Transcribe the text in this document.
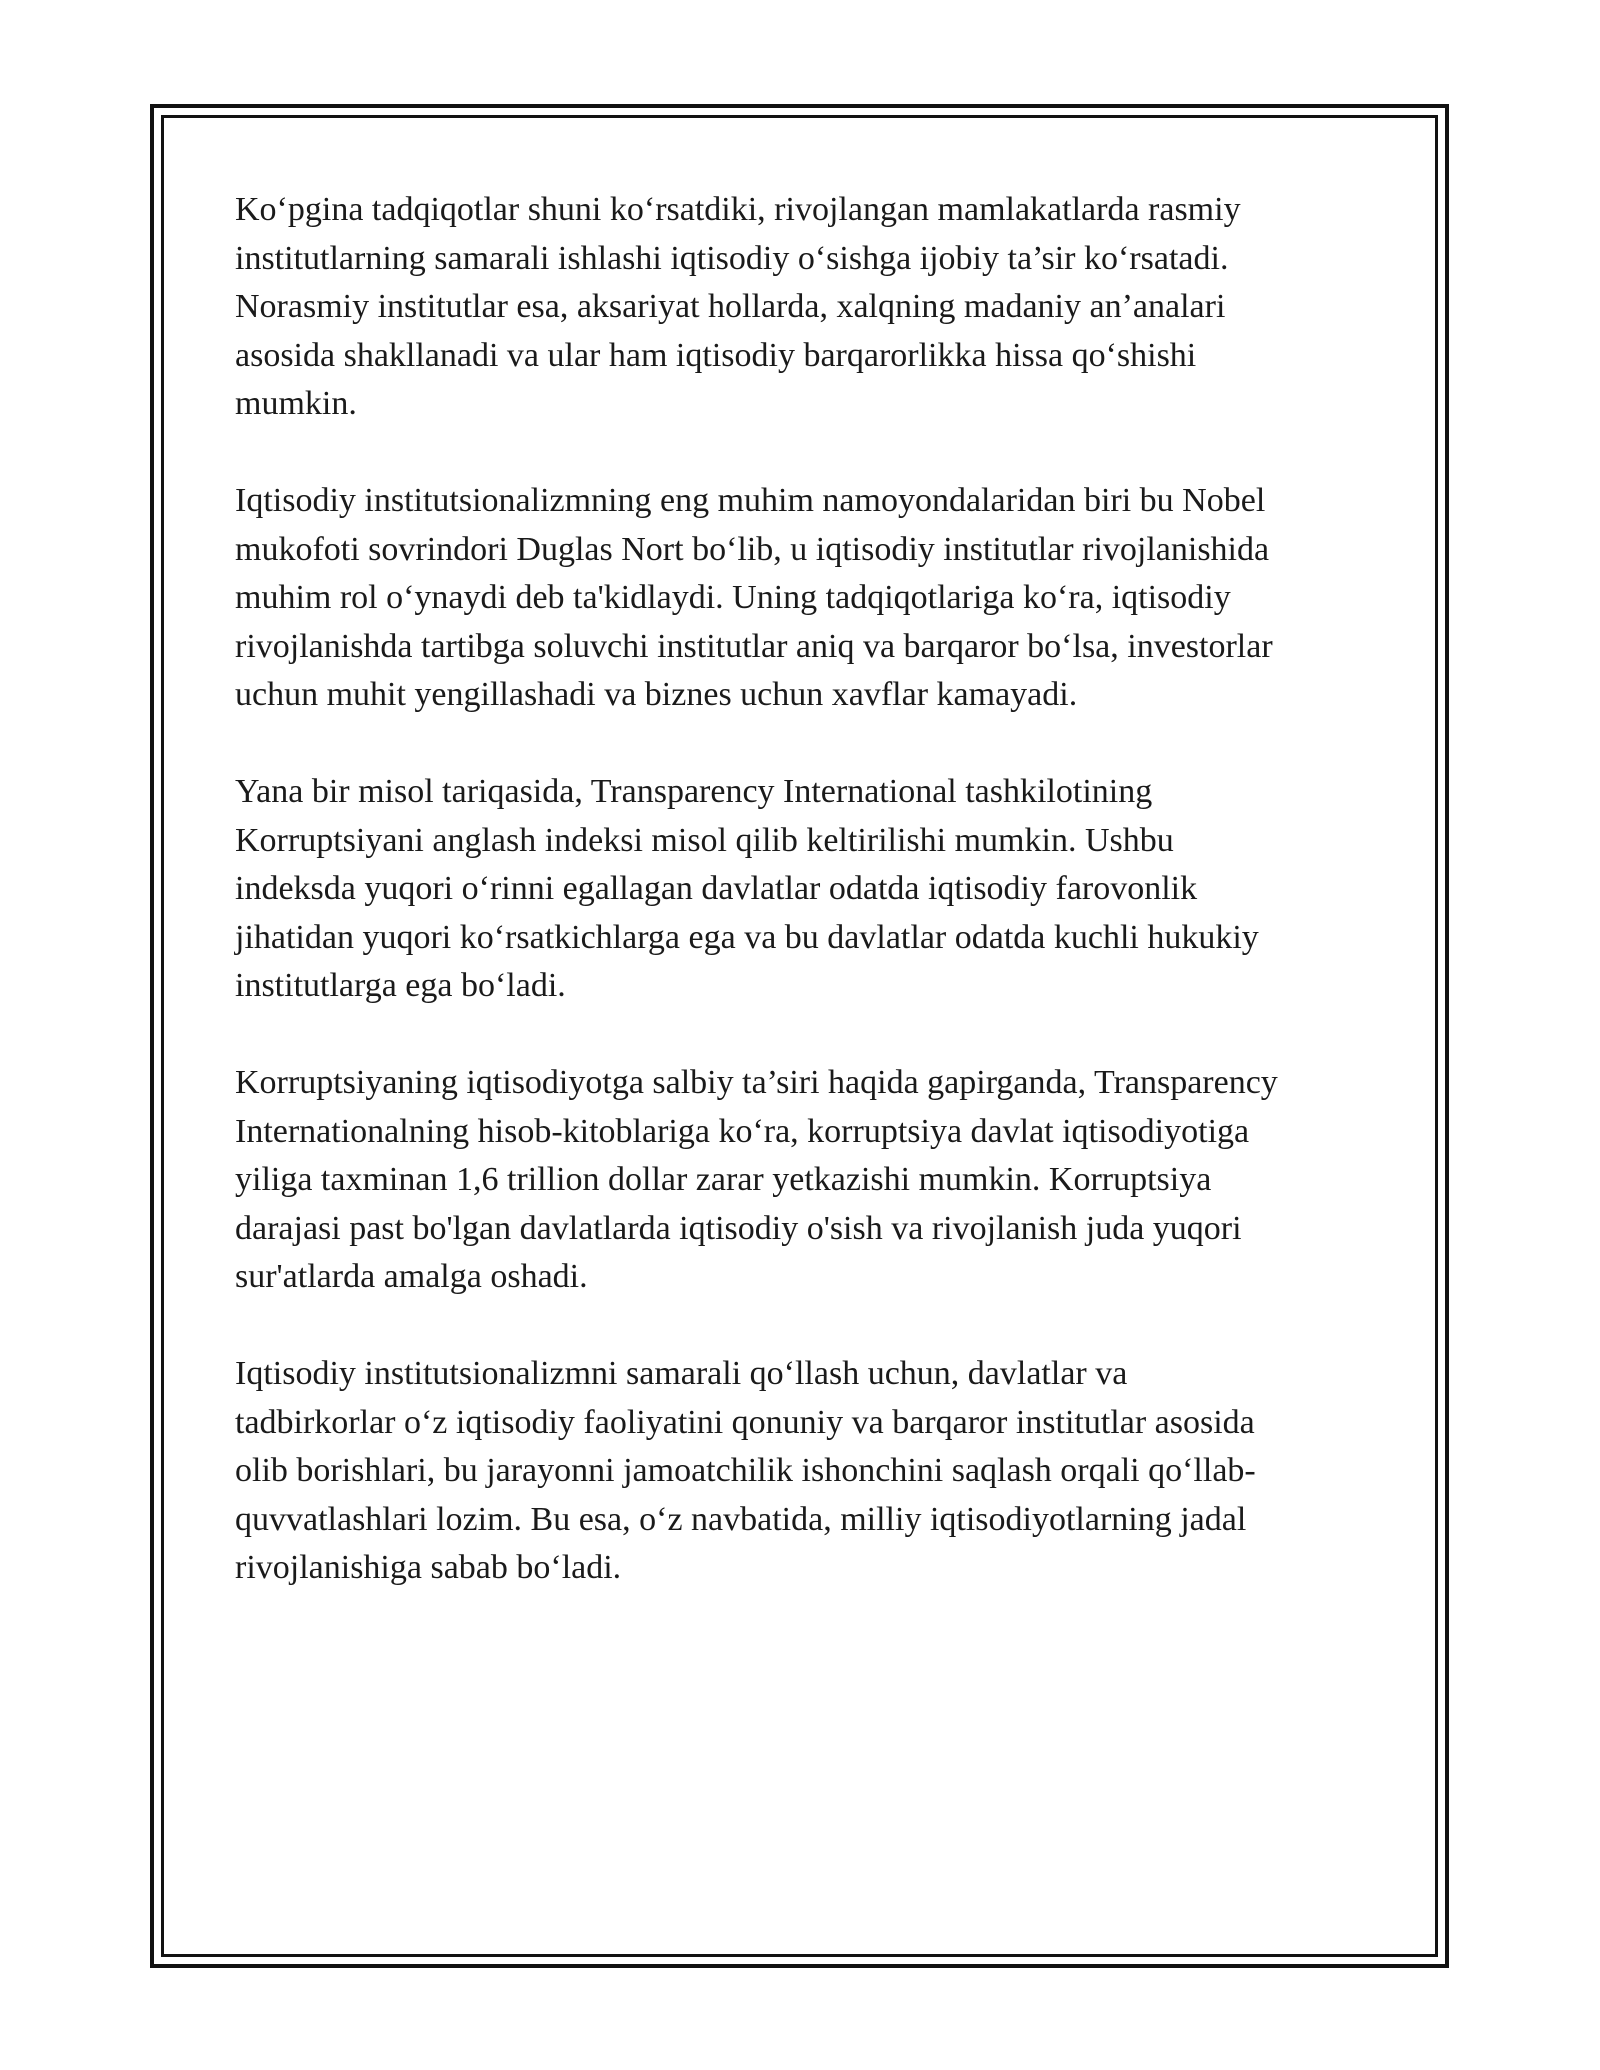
Ko‘pgina tadqiqotlar shuni ko‘rsatdiki, rivojlangan mamlakatlarda rasmiy
institutlarning samarali ishlashi iqtisodiy o‘sishga ijobiy ta’sir ko‘rsatadi.
Norasmiy institutlar esa, aksariyat hollarda, xalqning madaniy an’analari
asosida shakllanadi va ular ham iqtisodiy barqarorlikka hissa qo‘shishi
mumkin.
Iqtisodiy institutsionalizmning eng muhim namoyondalaridan biri bu Nobel
mukofoti sovrindori Duglas Nort bo‘lib, u iqtisodiy institutlar rivojlanishida
muhim rol o‘ynaydi deb ta'kidlaydi. Uning tadqiqotlariga ko‘ra, iqtisodiy
rivojlanishda tartibga soluvchi institutlar aniq va barqaror bo‘lsa, investorlar
uchun muhit yengillashadi va biznes uchun xavflar kamayadi.
Yana bir misol tariqasida, Transparency International tashkilotining
Korruptsiyani anglash indeksi misol qilib keltirilishi mumkin. Ushbu
indeksda yuqori o‘rinni egallagan davlatlar odatda iqtisodiy farovonlik
jihatidan yuqori ko‘rsatkichlarga ega va bu davlatlar odatda kuchli hukukiy
institutlarga ega bo‘ladi.
Korruptsiyaning iqtisodiyotga salbiy ta’siri haqida gapirganda, Transparency
Internationalning hisob-kitoblariga ko‘ra, korruptsiya davlat iqtisodiyotiga
yiliga taxminan 1,6 trillion dollar zarar yetkazishi mumkin. Korruptsiya
darajasi past bo'lgan davlatlarda iqtisodiy o'sish va rivojlanish juda yuqori
sur'atlarda amalga oshadi.
Iqtisodiy institutsionalizmni samarali qo‘llash uchun, davlatlar va
tadbirkorlar o‘z iqtisodiy faoliyatini qonuniy va barqaror institutlar asosida
olib borishlari, bu jarayonni jamoatchilik ishonchini saqlash orqali qo‘llab-
quvvatlashlari lozim. Bu esa, o‘z navbatida, milliy iqtisodiyotlarning jadal
rivojlanishiga sabab bo‘ladi.
